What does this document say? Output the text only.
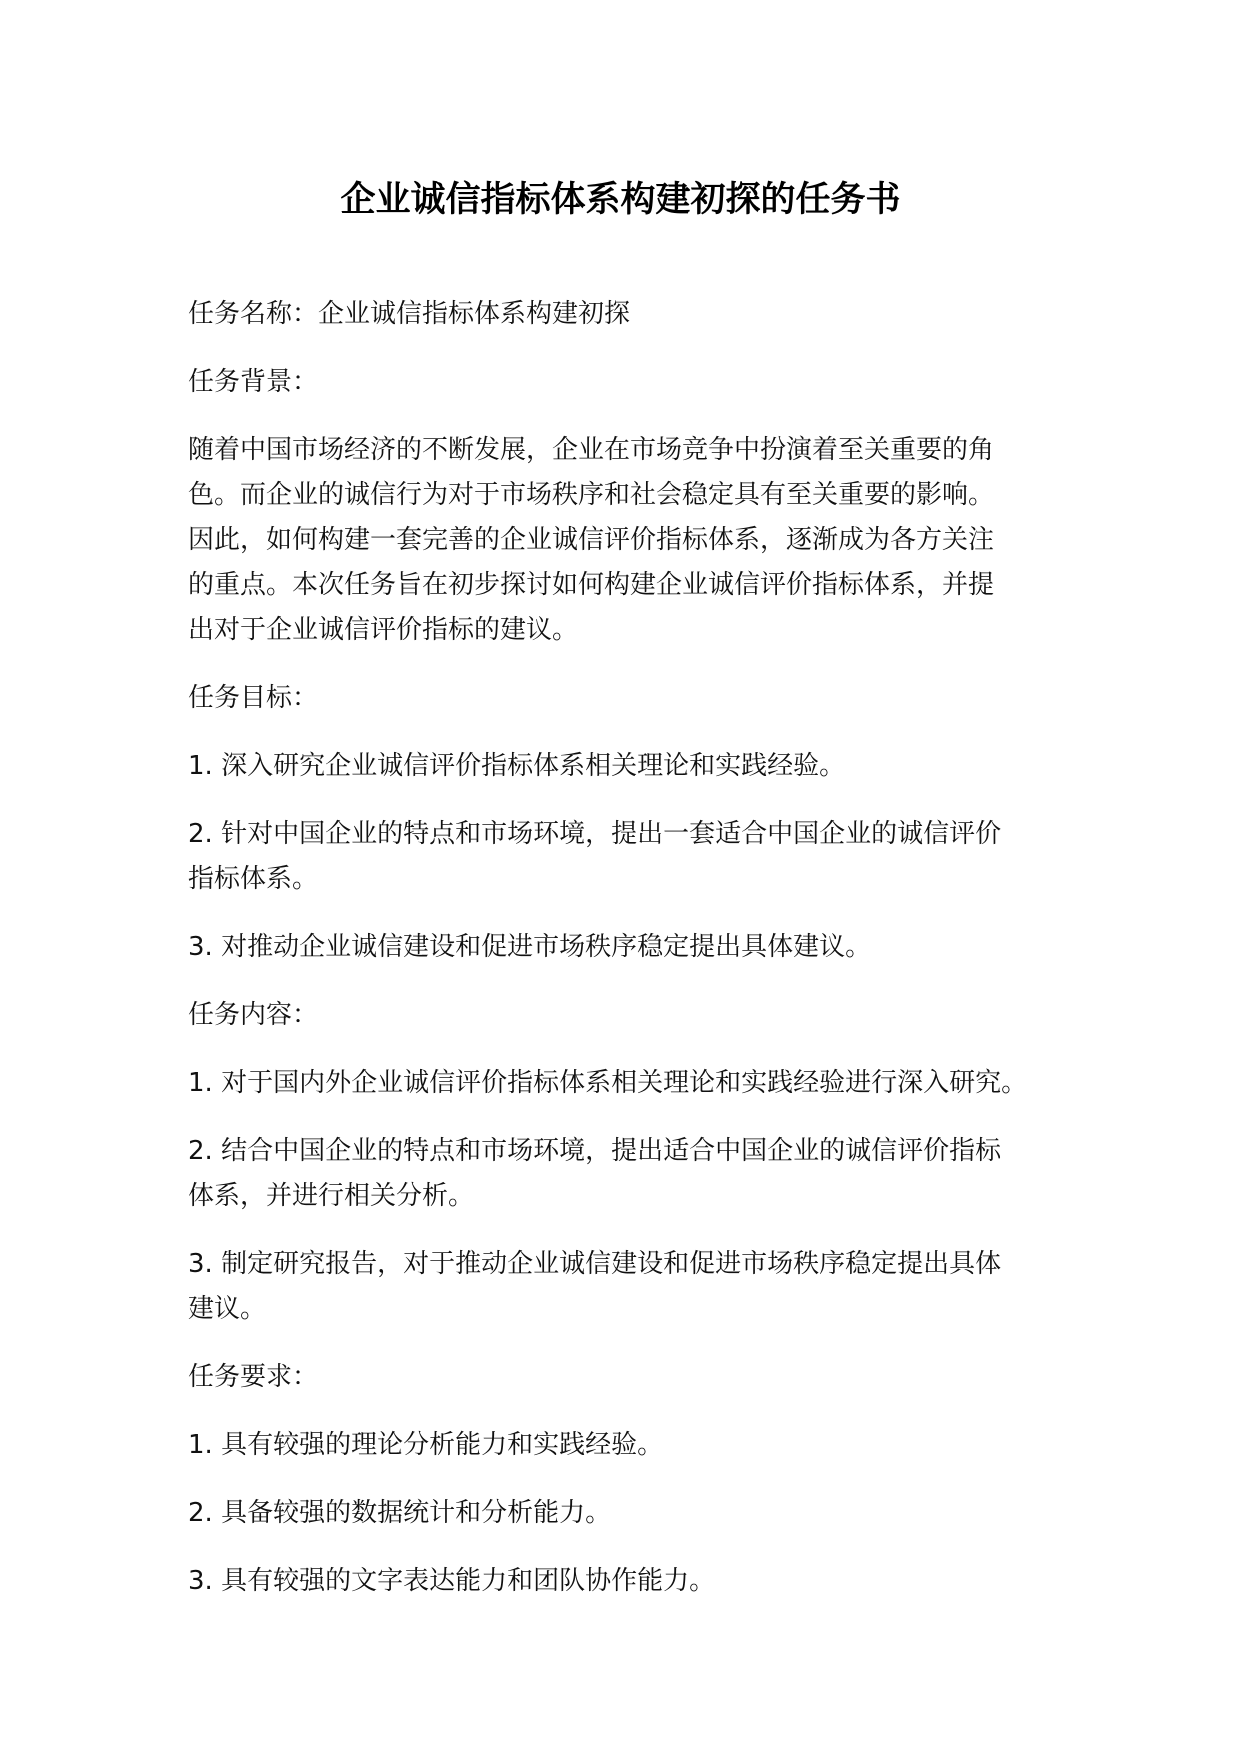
企业诚信指标体系构建初探的任务书

任务名称：企业诚信指标体系构建初探

任务背景：

随着中国市场经济的不断发展，企业在市场竞争中扮演着至关重要的角
色。而企业的诚信行为对于市场秩序和社会稳定具有至关重要的影响。
因此，如何构建一套完善的企业诚信评价指标体系，逐渐成为各方关注
的重点。本次任务旨在初步探讨如何构建企业诚信评价指标体系，并提
出对于企业诚信评价指标的建议。

任务目标：

1. 深入研究企业诚信评价指标体系相关理论和实践经验。

2. 针对中国企业的特点和市场环境，提出一套适合中国企业的诚信评价
指标体系。

3. 对推动企业诚信建设和促进市场秩序稳定提出具体建议。

任务内容：

1. 对于国内外企业诚信评价指标体系相关理论和实践经验进行深入研究。

2. 结合中国企业的特点和市场环境，提出适合中国企业的诚信评价指标
体系，并进行相关分析。

3. 制定研究报告，对于推动企业诚信建设和促进市场秩序稳定提出具体
建议。

任务要求：

1. 具有较强的理论分析能力和实践经验。

2. 具备较强的数据统计和分析能力。

3. 具有较强的文字表达能力和团队协作能力。
